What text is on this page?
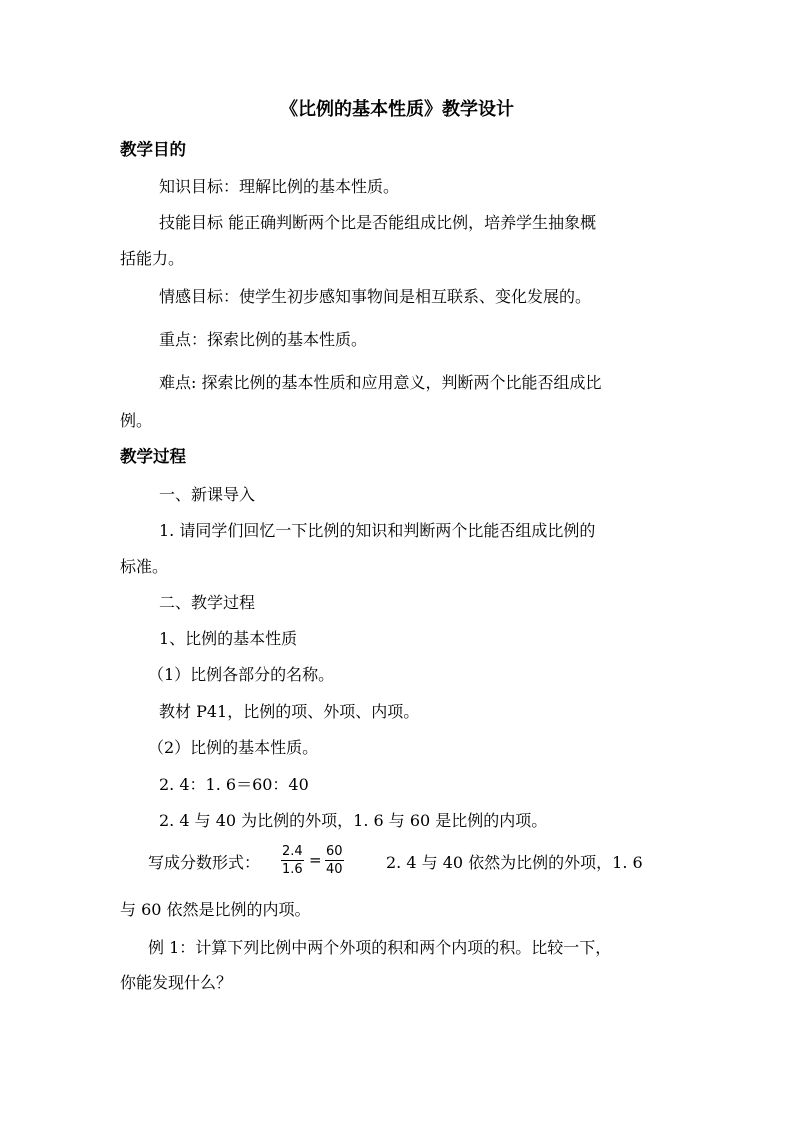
《比例的基本性质》教学设计
教学目的
知识目标：理解比例的基本性质。
技能目标 能正确判断两个比是否能组成比例，培养学生抽象概
括能力。
情感目标：使学生初步感知事物间是相互联系、变化发展的。
重点：探索比例的基本性质。
难点: 探索比例的基本性质和应用意义，判断两个比能否组成比
例。
教学过程
一、新课导入
1. 请同学们回忆一下比例的知识和判断两个比能否组成比例的
标准。
二、教学过程
1、比例的基本性质
（1）比例各部分的名称。
教材 P41，比例的项、外项、内项。
（2）比例的基本性质。
2. 4：1. 6＝60：40
2. 4 与 40 为比例的外项，1. 6 与 60 是比例的内项。
写成分数形式：
2.4
1.6
= 60
40	2. 4 与 40 依然为比例的外项，1. 6
与 60 依然是比例的内项。
例 1：计算下列比例中两个外项的积和两个内项的积。比较一下，
你能发现什么？
